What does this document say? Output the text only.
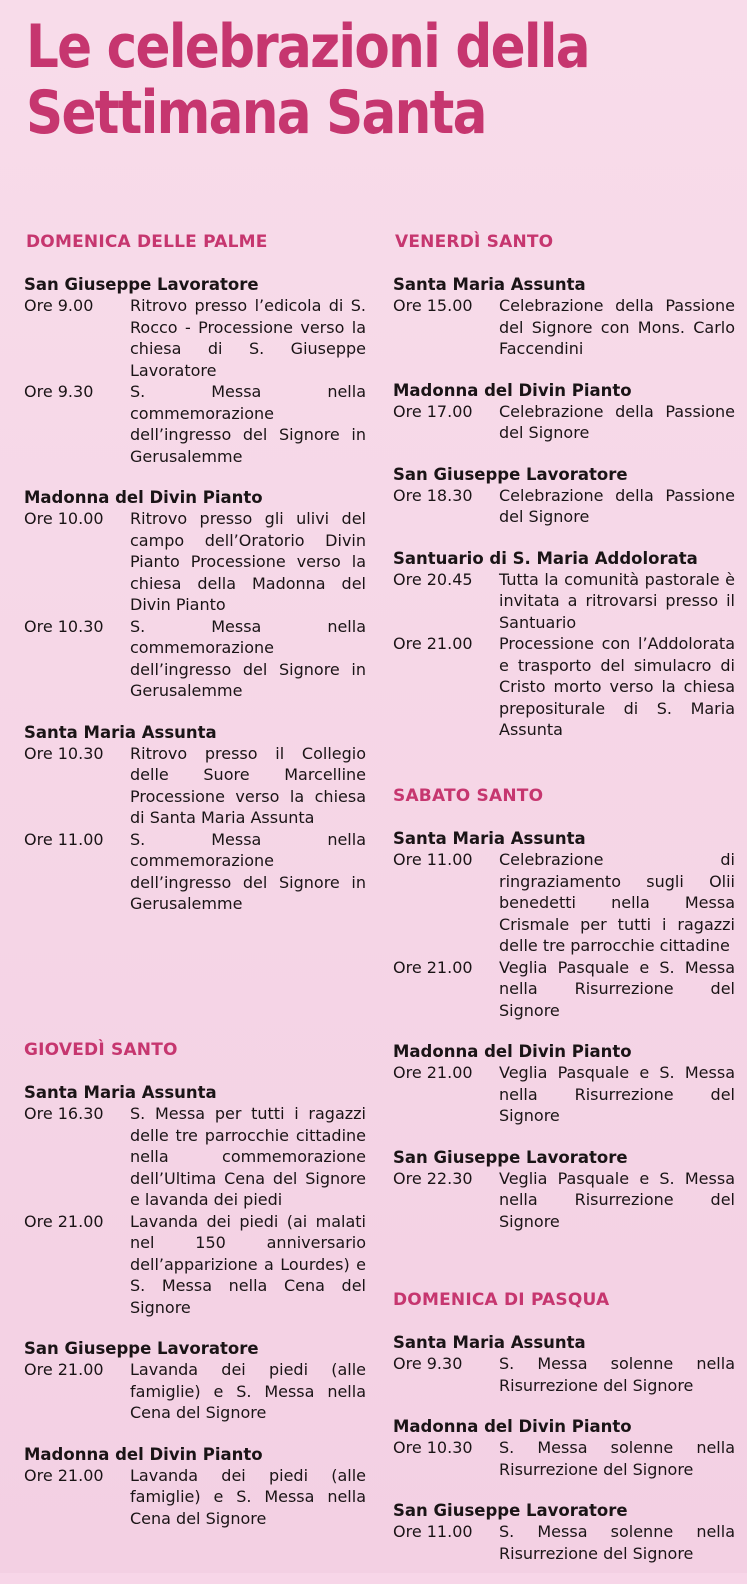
Le celebrazioni della
Settimana Santa
DOMENICA DELLE PALME
San Giuseppe Lavoratore
Ore 9.00	Ritrovo presso l’edicola di S. Rocco - Processione verso la chiesa di S. Giuseppe Lavoratore
Ore 9.30	S. Messa nella commemorazione dell’ingresso del Signore in Gerusalemme
Madonna del Divin Pianto
Ore 10.00	Ritrovo presso gli ulivi del campo dell’Oratorio Divin Pianto Processione verso la chiesa della Madonna del Divin Pianto
Ore 10.30	S. Messa nella commemorazione dell’ingresso del Signore in Gerusalemme
Santa Maria Assunta
Ore 10.30	Ritrovo presso il Collegio delle Suore Marcelline Processione verso la chiesa di Santa Maria Assunta
Ore 11.00	S. Messa nella commemorazione dell’ingresso del Signore in Gerusalemme
GIOVEDÌ SANTO
Santa Maria Assunta
Ore 16.30	S. Messa per tutti i ragazzi delle tre parrocchie cittadine nella commemorazione dell’Ultima Cena del Signore e lavanda dei piedi
Ore 21.00	Lavanda dei piedi (ai malati nel 150 anniversario dell’apparizione a Lourdes) e S. Messa nella Cena del Signore
San Giuseppe Lavoratore
Ore 21.00	Lavanda dei piedi (alle famiglie) e S. Messa nella Cena del Signore
Madonna del Divin Pianto
Ore 21.00	Lavanda dei piedi (alle famiglie) e S. Messa nella Cena del Signore
VENERDÌ SANTO
Santa Maria Assunta
Ore 15.00	Celebrazione della Passione del Signore con Mons. Carlo Faccendini
Madonna del Divin Pianto
Ore 17.00	Celebrazione della Passione del Signore
San Giuseppe Lavoratore
Ore 18.30	Celebrazione della Passione del Signore
Santuario di S. Maria Addolorata
Ore 20.45	Tutta la comunità pastorale è invitata a ritrovarsi presso il Santuario
Ore 21.00	Processione con l’Addolorata e trasporto del simulacro di Cristo morto verso la chiesa prepositurale di S. Maria Assunta
SABATO SANTO
Santa Maria Assunta
Ore 11.00	Celebrazione di ringraziamento sugli Olii benedetti nella Messa Crismale per tutti i ragazzi delle tre parrocchie cittadine
Ore 21.00	Veglia Pasquale e S. Messa nella Risurrezione del Signore
Madonna del Divin Pianto
Ore 21.00	Veglia Pasquale e S. Messa nella Risurrezione del Signore
San Giuseppe Lavoratore
Ore 22.30	Veglia Pasquale e S. Messa nella Risurrezione del Signore
DOMENICA DI PASQUA
Santa Maria Assunta
Ore 9.30	S. Messa solenne nella Risurrezione del Signore
Madonna del Divin Pianto
Ore 10.30	S. Messa solenne nella Risurrezione del Signore
San Giuseppe Lavoratore
Ore 11.00	S. Messa solenne nella Risurrezione del Signore
